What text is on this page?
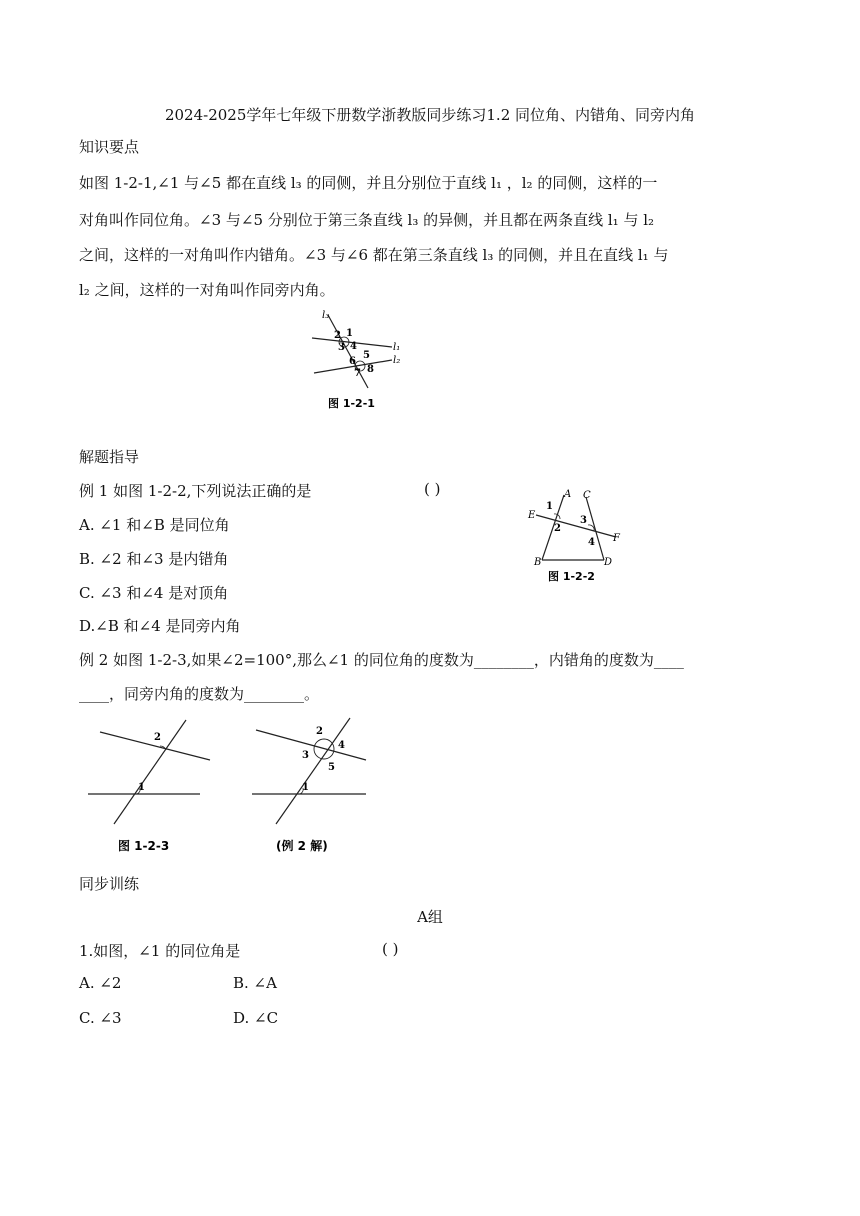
2024-2025学年七年级下册数学浙教版同步练习1.2 同位角、内错角、同旁内角
知识要点
如图 1-2-1,∠1 与∠5 都在直线 l₃ 的同侧，并且分别位于直线 l₁ ，l₂ 的同侧，这样的一
对角叫作同位角。∠3 与∠5 分别位于第三条直线 l₃ 的异侧，并且都在两条直线 l₁ 与 l₂
之间，这样的一对角叫作内错角。∠3 与∠6 都在第三条直线 l₃ 的同侧，并且在直线 l₁ 与
l₂ 之间，这样的一对角叫作同旁内角。
l₃
l₁
l₂
2 1
3 4
6
5
7 8
图 1-2-1
解题指导
例 1 如图 1-2-2,下列说法正确的是	( )
A. ∠1 和∠B 是同位角
B. ∠2 和∠3 是内错角
C. ∠3 和∠4 是对顶角
D.∠B 和∠4 是同旁内角
A C
E
F
B	D
1
2
3
4
图 1-2-2
例 2 如图 1-2-3,如果∠2=100°,那么∠1 的同位角的度数为________，内错角的度数为____
____，同旁内角的度数为________。
2
1
图 1-2-3
2
3
4
5
1
(例 2 解)
同步训练
A组
1.如图，∠1 的同位角是	( )
A. ∠2	B. ∠A
C. ∠3	D. ∠C
